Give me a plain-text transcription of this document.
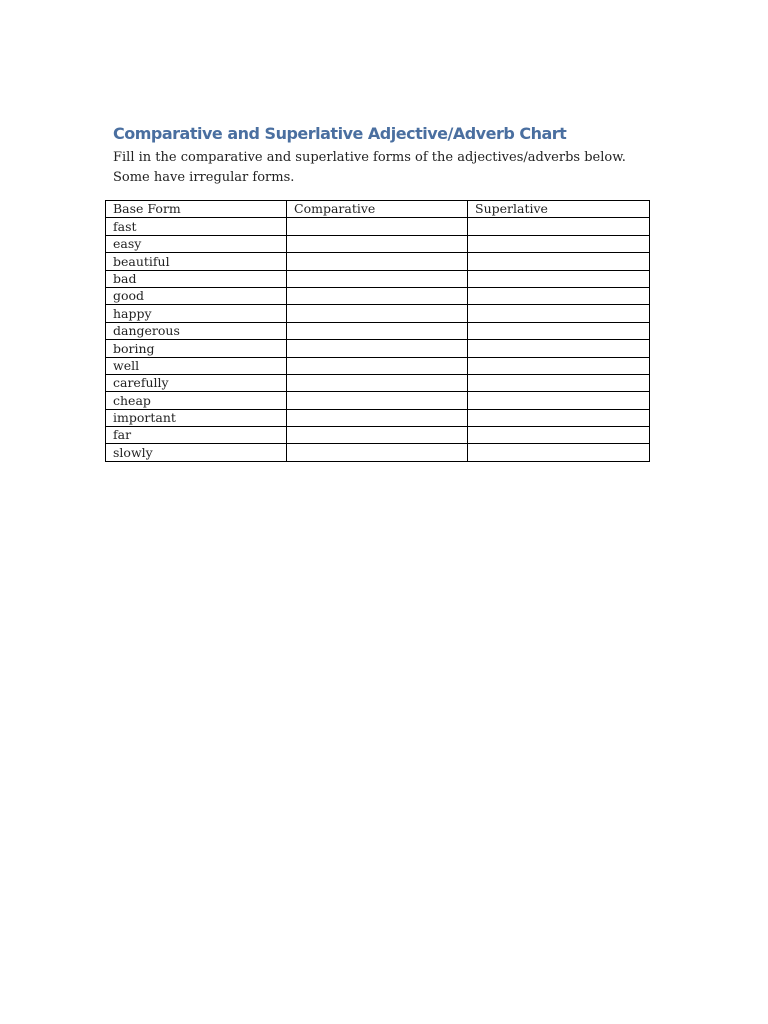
Comparative and Superlative Adjective/Adverb Chart

Fill in the comparative and superlative forms of the adjectives/adverbs below. Some have irregular forms.

Base Form	Comparative	Superlative
fast		
easy		
beautiful		
bad		
good		
happy		
dangerous		
boring		
well		
carefully		
cheap		
important		
far		
slowly		
